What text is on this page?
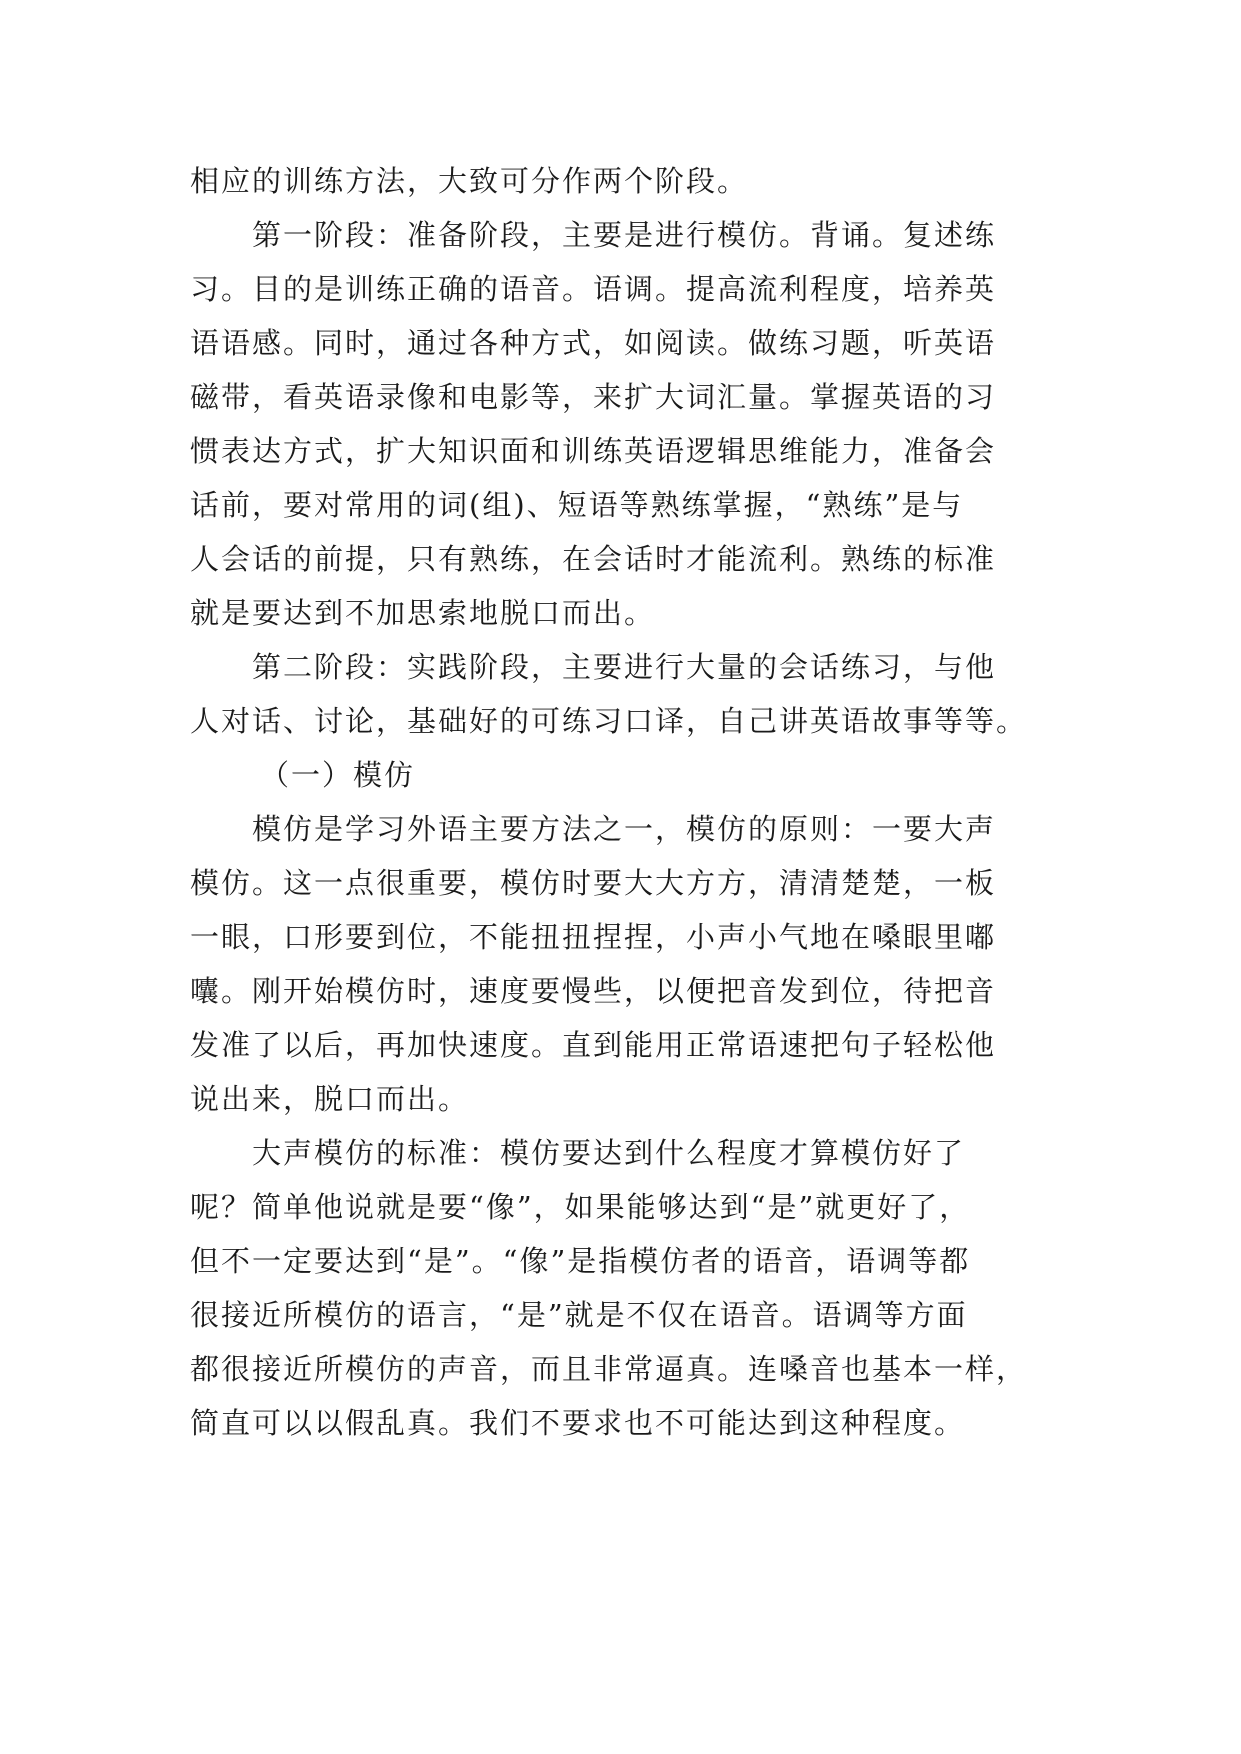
相应的训练方法，大致可分作两个阶段。
第一阶段：准备阶段，主要是进行模仿。背诵。复述练
习。目的是训练正确的语音。语调。提高流利程度，培养英
语语感。同时，通过各种方式，如阅读。做练习题，听英语
磁带，看英语录像和电影等，来扩大词汇量。掌握英语的习
惯表达方式，扩大知识面和训练英语逻辑思维能力，准备会
话前，要对常用的词(组)、短语等熟练掌握，“熟练”是与
人会话的前提，只有熟练，在会话时才能流利。熟练的标准
就是要达到不加思索地脱口而出。
第二阶段：实践阶段，主要进行大量的会话练习，与他
人对话、讨论，基础好的可练习口译，自己讲英语故事等等。
（一）模仿
模仿是学习外语主要方法之一，模仿的原则：一要大声
模仿。这一点很重要，模仿时要大大方方，清清楚楚，一板
一眼，口形要到位，不能扭扭捏捏，小声小气地在嗓眼里嘟
囔。刚开始模仿时，速度要慢些，以便把音发到位，待把音
发准了以后，再加快速度。直到能用正常语速把句子轻松他
说出来，脱口而出。
大声模仿的标准：模仿要达到什么程度才算模仿好了
呢？简单他说就是要“像”，如果能够达到“是”就更好了，
但不一定要达到“是”。“像”是指模仿者的语音，语调等都
很接近所模仿的语言，“是”就是不仅在语音。语调等方面
都很接近所模仿的声音，而且非常逼真。连嗓音也基本一样，
简直可以以假乱真。我们不要求也不可能达到这种程度。
